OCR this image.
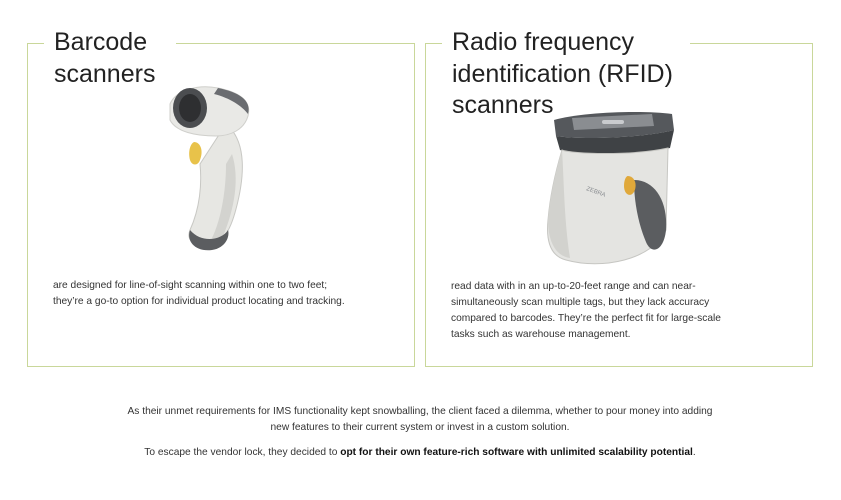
Barcode
scanners

are designed for line-of-sight scanning within one to two feet; they’re a go-to option for individual product locating and tracking.

Radio frequency
identification (RFID)
scanners
ZEBRA

read data with in an up-to-20-feet range and can near-simultaneously scan multiple tags, but they lack accuracy compared to barcodes. They’re the perfect fit for large-scale tasks such as warehouse management.

As their unmet requirements for IMS functionality kept snowballing, the client faced a dilemma, whether to pour money into adding new features to their current system or invest in a custom solution.

To escape the vendor lock, they decided to opt for their own feature-rich software with unlimited scalability potential.
